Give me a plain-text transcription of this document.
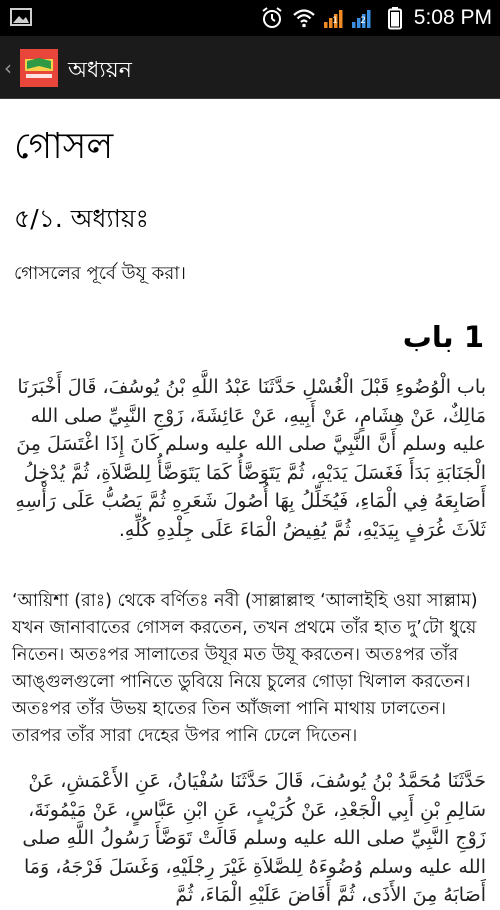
1 2 5:08 PM
‹	অধ্যয়ন
গোসল
৫/১. অধ্যায়ঃ

গোসলের পূর্বে উযূ করা।

1 باب

باب الْوُضُوءِ قَبْلَ الْغُسْلِ حَدَّثَنَا عَبْدُ اللَّهِ بْنُ يُوسُفَ، قَالَ أَخْبَرَنَا مَالِكٌ، عَنْ هِشَامٍ، عَنْ أَبِيهِ، عَنْ عَائِشَةَ، زَوْجِ النَّبِيِّ صلى الله عليه وسلم أَنَّ النَّبِيَّ صلى الله عليه وسلم كَانَ إِذَا اغْتَسَلَ مِنَ الْجَنَابَةِ بَدَأَ فَغَسَلَ يَدَيْهِ، ثُمَّ يَتَوَضَّأُ كَمَا يَتَوَضَّأُ لِلصَّلاَةِ، ثُمَّ يُدْخِلُ أَصَابِعَهُ فِي الْمَاءِ، فَيُخَلِّلُ بِهَا أُصُولَ شَعَرِهِ ثُمَّ يَصُبُّ عَلَى رَأْسِهِ ثَلاَثَ غُرَفٍ بِيَدَيْهِ، ثُمَّ يُفِيضُ الْمَاءَ عَلَى جِلْدِهِ كُلِّهِ.

‘আয়িশা (রাঃ) থেকে বর্ণিতঃ নবী (সাল্লাল্লাহু ‘আলাইহি ওয়া সাল্লাম) যখন জানাবাতের গোসল করতেন, তখন প্রথমে তাঁর হাত দু’টো ধুয়ে নিতেন। অতঃপর সালাতের উযূর মত উযূ করতেন। অতঃপর তাঁর আঙ্গুলগুলো পানিতে ডুবিয়ে নিয়ে চুলের গোড়া খিলাল করতেন। অতঃপর তাঁর উভয় হাতের তিন আঁজলা পানি মাথায় ঢালতেন। তারপর তাঁর সারা দেহের উপর পানি ঢেলে দিতেন।

حَدَّثَنَا مُحَمَّدُ بْنُ يُوسُفَ، قَالَ حَدَّثَنَا سُفْيَانُ، عَنِ الأَعْمَشِ، عَنْ سَالِمِ بْنِ أَبِي الْجَعْدِ، عَنْ كُرَيْبٍ، عَنِ ابْنِ عَبَّاسٍ، عَنْ مَيْمُونَةَ، زَوْجِ النَّبِيِّ صلى الله عليه وسلم قَالَتْ تَوَضَّأَ رَسُولُ اللَّهِ صلى الله عليه وسلم وُضُوءَهُ لِلصَّلاَةِ غَيْرَ رِجْلَيْهِ، وَغَسَلَ فَرْجَهُ، وَمَا أَصَابَهُ مِنَ الأَذَى، ثُمَّ أَفَاضَ عَلَيْهِ الْمَاءَ، ثُمَّ
